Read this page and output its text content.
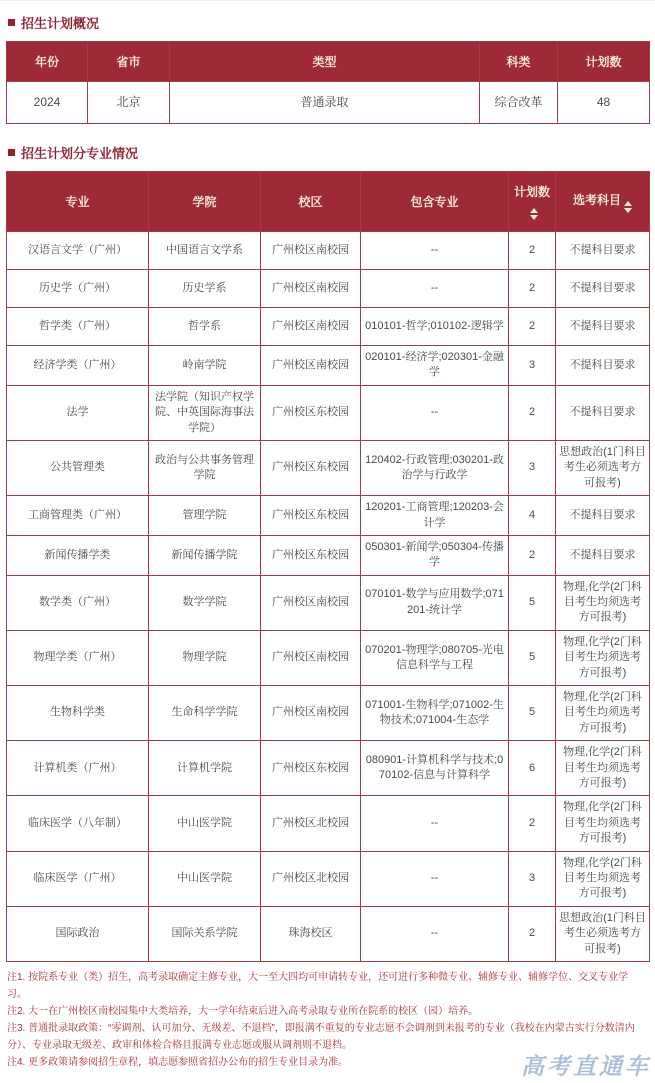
招生计划概况
年份	省市	类型	科类	计划数
2024	北京	普通录取	综合改革	48
招生计划分专业情况
专业	学院	校区	包含专业	计划数	选考科目

汉语言文学（广州）	中国语言文学系	广州校区南校园	--	2	不提科目要求
历史学（广州）	历史学系	广州校区南校园	--	2	不提科目要求
哲学类（广州）	哲学系	广州校区南校园	010101-哲学;010102-逻辑学	2	不提科目要求
经济学类（广州）	岭南学院	广州校区南校园	020101-经济学;020301-金融学	3	不提科目要求
法学	法学院（知识产权学院、中英国际海事法学院）	广州校区东校园	--	2	不提科目要求
公共管理类	政治与公共事务管理学院	广州校区东校园	120402-行政管理;030201-政治学与行政学	3	思想政治(1门科目考生必须选考方可报考)
工商管理类（广州）	管理学院	广州校区东校园	120201-工商管理;120203-会计学	4	不提科目要求
新闻传播学类	新闻传播学院	广州校区东校园	050301-新闻学;050304-传播学	2	不提科目要求
数学类（广州）	数学学院	广州校区南校园	070101-数学与应用数学;071201-统计学	5	物理,化学(2门科目考生均须选考方可报考)
物理学类（广州）	物理学院	广州校区南校园	070201-物理学;080705-光电信息科学与工程	5	物理,化学(2门科目考生均须选考方可报考)
生物科学类	生命科学学院	广州校区南校园	071001-生物科学;071002-生物技术;071004-生态学	5	物理,化学(2门科目考生均须选考方可报考)
计算机类（广州）	计算机学院	广州校区东校园	080901-计算机科学与技术;070102-信息与计算科学	6	物理,化学(2门科目考生均须选考方可报考)
临床医学（八年制）	中山医学院	广州校区北校园	--	2	物理,化学(2门科目考生均须选考方可报考)
临床医学（广州）	中山医学院	广州校区北校园	--	3	物理,化学(2门科目考生均须选考方可报考)
国际政治	国际关系学院	珠海校区	--	2	思想政治(1门科目考生必须选考方可报考)
注1. 按院系专业（类）招生，高考录取确定主修专业，大一至大四均可申请转专业，还可进行多种微专业、辅修专业、辅修学位、交叉专业学习。
注2. 大一在广州校区南校园集中大类培养，大一学年结束后进入高考录取专业所在院系的校区（园）培养。
注3. 普通批录取政策：“零调剂、认可加分、无级差、不退档”，即报满不重复的专业志愿不会调剂到未报考的专业（我校在内蒙古实行分数清内分）、专业录取无级差、政审和体检合格且报满专业志愿或服从调剂则不退档。
注4. 更多政策请参阅招生章程，填志愿参照省招办公布的招生专业目录为准。	高考直通车
